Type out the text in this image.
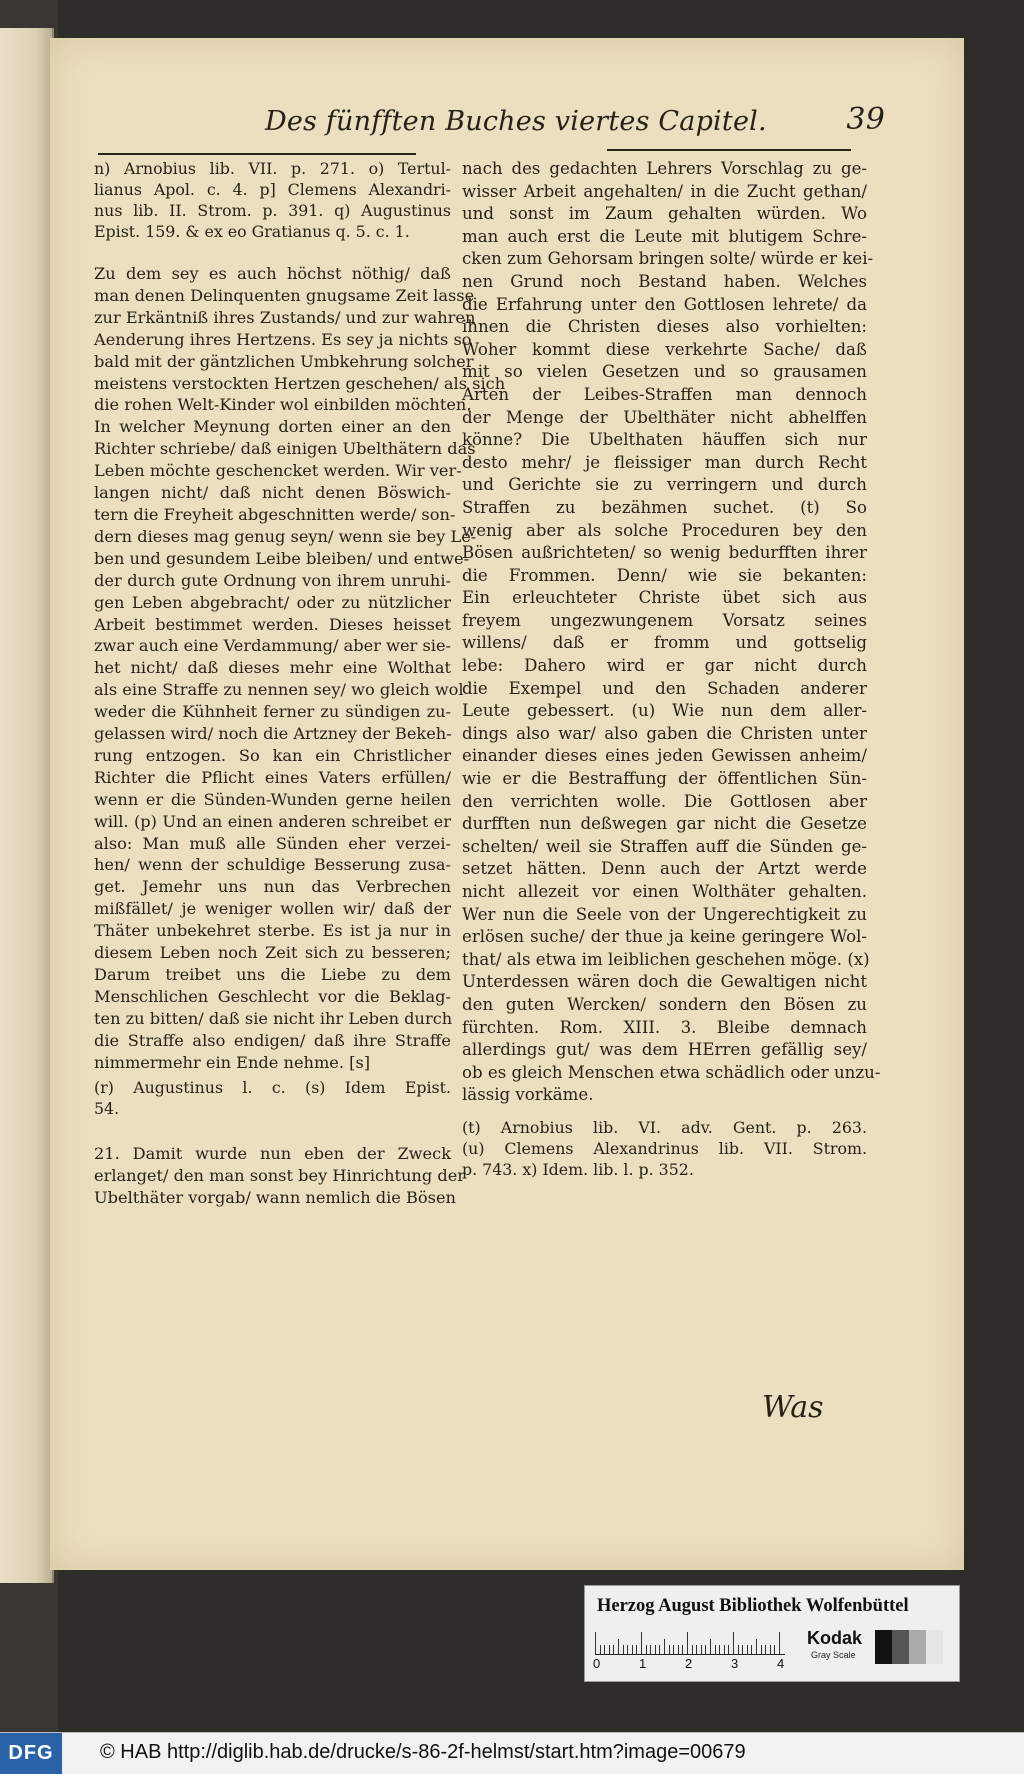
Des fünfften Buches viertes Capitel.	39
n) Arnobius lib. VII. p. 271. o) Tertul-
lianus Apol. c. 4. p] Clemens Alexandri-
nus lib. II. Strom. p. 391. q) Augustinus
Epist. 159. & ex eo Gratianus q. 5. c. 1.
Zu dem sey es auch höchst nöthig/ daß
man denen Delinquenten gnugsame Zeit lasse
zur Erkäntniß ihres Zustands/ und zur wahren
Aenderung ihres Hertzens. Es sey ja nichts so
bald mit der gäntzlichen Umbkehrung solcher
meistens verstockten Hertzen geschehen/ als sich
die rohen Welt-Kinder wol einbilden möchten.
In welcher Meynung dorten einer an den
Richter schriebe/ daß einigen Ubelthätern das
Leben möchte geschencket werden. Wir ver-
langen nicht/ daß nicht denen Böswich-
tern die Freyheit abgeschnitten werde/ son-
dern dieses mag genug seyn/ wenn sie bey Le-
ben und gesundem Leibe bleiben/ und entwe-
der durch gute Ordnung von ihrem unruhi-
gen Leben abgebracht/ oder zu nützlicher
Arbeit bestimmet werden. Dieses heisset
zwar auch eine Verdammung/ aber wer sie-
het nicht/ daß dieses mehr eine Wolthat
als eine Straffe zu nennen sey/ wo gleich wol
weder die Kühnheit ferner zu sündigen zu-
gelassen wird/ noch die Artzney der Bekeh-
rung entzogen. So kan ein Christlicher
Richter die Pflicht eines Vaters erfüllen/
wenn er die Sünden-Wunden gerne heilen
will. (p) Und an einen anderen schreibet er
also: Man muß alle Sünden eher verzei-
hen/ wenn der schuldige Besserung zusa-
get. Jemehr uns nun das Verbrechen
mißfället/ je weniger wollen wir/ daß der
Thäter unbekehret sterbe. Es ist ja nur in
diesem Leben noch Zeit sich zu besseren;
Darum treibet uns die Liebe zu dem
Menschlichen Geschlecht vor die Beklag-
ten zu bitten/ daß sie nicht ihr Leben durch
die Straffe also endigen/ daß ihre Straffe
nimmermehr ein Ende nehme. [s]
(r) Augustinus l. c. (s) Idem Epist.
54.
21. Damit wurde nun eben der Zweck
erlanget/ den man sonst bey Hinrichtung der
Ubelthäter vorgab/ wann nemlich die Bösen
nach des gedachten Lehrers Vorschlag zu ge-
wisser Arbeit angehalten/ in die Zucht gethan/
und sonst im Zaum gehalten würden. Wo
man auch erst die Leute mit blutigem Schre-
cken zum Gehorsam bringen solte/ würde er kei-
nen Grund noch Bestand haben. Welches
die Erfahrung unter den Gottlosen lehrete/ da
ihnen die Christen dieses also vorhielten:
Woher kommt diese verkehrte Sache/ daß
mit so vielen Gesetzen und so grausamen
Arten der Leibes-Straffen man dennoch
der Menge der Ubelthäter nicht abhelffen
könne? Die Ubelthaten häuffen sich nur
desto mehr/ je fleissiger man durch Recht
und Gerichte sie zu verringern und durch
Straffen zu bezähmen suchet. (t) So
wenig aber als solche Proceduren bey den
Bösen außrichteten/ so wenig bedurfften ihrer
die Frommen. Denn/ wie sie bekanten:
Ein erleuchteter Christe übet sich aus
freyem ungezwungenem Vorsatz seines
willens/ daß er fromm und gottselig
lebe: Dahero wird er gar nicht durch
die Exempel und den Schaden anderer
Leute gebessert. (u) Wie nun dem aller-
dings also war/ also gaben die Christen unter
einander dieses eines jeden Gewissen anheim/
wie er die Bestraffung der öffentlichen Sün-
den verrichten wolle. Die Gottlosen aber
durfften nun deßwegen gar nicht die Gesetze
schelten/ weil sie Straffen auff die Sünden ge-
setzet hätten. Denn auch der Artzt werde
nicht allezeit vor einen Wolthäter gehalten.
Wer nun die Seele von der Ungerechtigkeit zu
erlösen suche/ der thue ja keine geringere Wol-
that/ als etwa im leiblichen geschehen möge. (x)
Unterdessen wären doch die Gewaltigen nicht
den guten Wercken/ sondern den Bösen zu
fürchten. Rom. XIII. 3. Bleibe demnach
allerdings gut/ was dem HErren gefällig sey/
ob es gleich Menschen etwa schädlich oder unzu-
lässig vorkäme.
(t) Arnobius lib. VI. adv. Gent. p. 263.
(u) Clemens Alexandrinus lib. VII. Strom.
p. 743. x) Idem. lib. l. p. 352.
Was
Herzog August Bibliothek Wolfenbüttel
0	1	2	3	4
Kodak
Gray Scale
DFG	© HAB http://diglib.hab.de/drucke/s-86-2f-helmst/start.htm?image=00679
